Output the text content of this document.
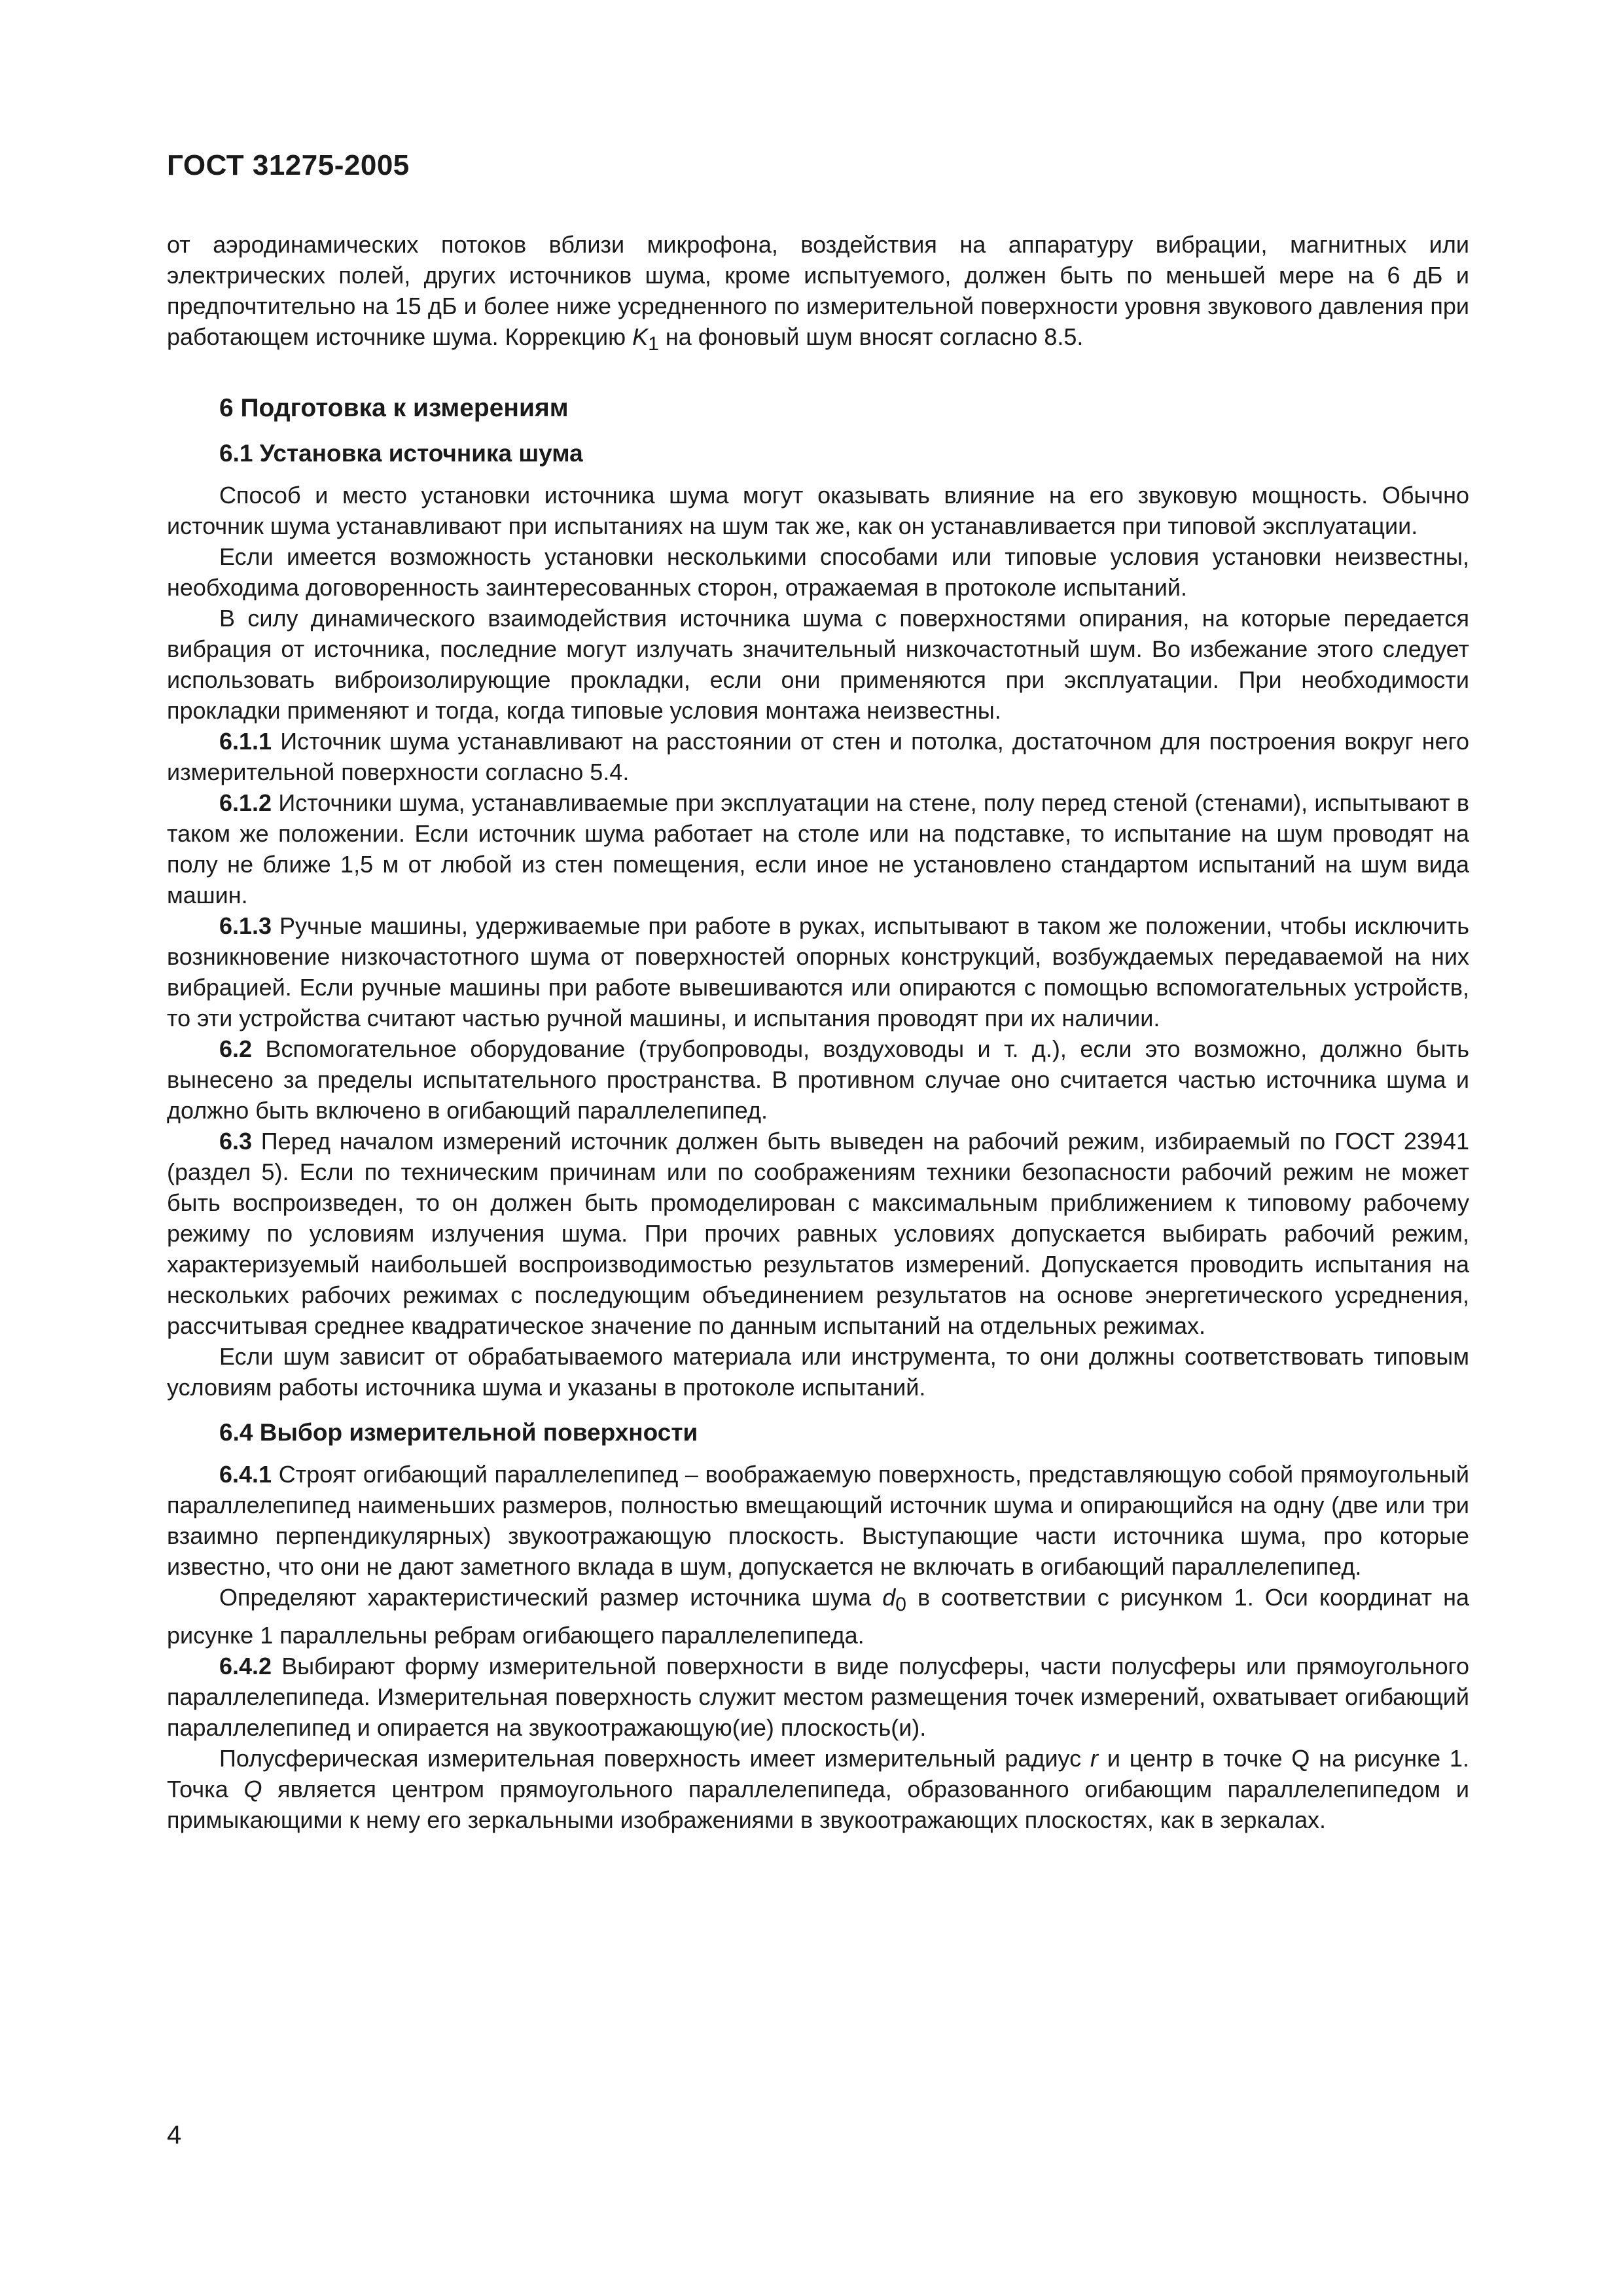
ГОСТ 31275-2005

от аэродинамических потоков вблизи микрофона, воздействия на аппаратуру вибрации, магнитных или электрических полей, других источников шума, кроме испытуемого, должен быть по меньшей мере на 6 дБ и предпочтительно на 15 дБ и более ниже усредненного по измерительной поверхности уровня звукового давления при работающем источнике шума. Коррекцию $K_1$ на фоновый шум вносят согласно 8.5.

6 Подготовка к измерениям
6.1 Установка источника шума

Способ и место установки источника шума могут оказывать влияние на его звуковую мощность. Обычно источник шума устанавливают при испытаниях на шум так же, как он устанавливается при типовой эксплуатации.

Если имеется возможность установки несколькими способами или типовые условия установки неизвестны, необходима договоренность заинтересованных сторон, отражаемая в протоколе испытаний.

В силу динамического взаимодействия источника шума с поверхностями опирания, на которые передается вибрация от источника, последние могут излучать значительный низкочастотный шум. Во избежание этого следует использовать виброизолирующие прокладки, если они применяются при эксплуатации. При необходимости прокладки применяют и тогда, когда типовые условия монтажа неизвестны.

6.1.1 Источник шума устанавливают на расстоянии от стен и потолка, достаточном для построения вокруг него измерительной поверхности согласно 5.4.

6.1.2 Источники шума, устанавливаемые при эксплуатации на стене, полу перед стеной (стенами), испытывают в таком же положении. Если источник шума работает на столе или на подставке, то испытание на шум проводят на полу не ближе 1,5 м от любой из стен помещения, если иное не установлено стандартом испытаний на шум вида машин.

6.1.3 Ручные машины, удерживаемые при работе в руках, испытывают в таком же положении, чтобы исключить возникновение низкочастотного шума от поверхностей опорных конструкций, возбуждаемых передаваемой на них вибрацией. Если ручные машины при работе вывешиваются или опираются с помощью вспомогательных устройств, то эти устройства считают частью ручной машины, и испытания проводят при их наличии.

6.2 Вспомогательное оборудование (трубопроводы, воздуховоды и т. д.), если это возможно, должно быть вынесено за пределы испытательного пространства. В противном случае оно считается частью источника шума и должно быть включено в огибающий параллелепипед.

6.3 Перед началом измерений источник должен быть выведен на рабочий режим, избираемый по ГОСТ 23941 (раздел 5). Если по техническим причинам или по соображениям техники безопасности рабочий режим не может быть воспроизведен, то он должен быть промоделирован с максимальным приближением к типовому рабочему режиму по условиям излучения шума. При прочих равных условиях допускается выбирать рабочий режим, характеризуемый наибольшей воспроизводимостью результатов измерений. Допускается проводить испытания на нескольких рабочих режимах с последующим объединением результатов на основе энергетического усреднения, рассчитывая среднее квадратическое значение по данным испытаний на отдельных режимах.

Если шум зависит от обрабатываемого материала или инструмента, то они должны соответствовать типовым условиям работы источника шума и указаны в протоколе испытаний.

6.4 Выбор измерительной поверхности

6.4.1 Строят огибающий параллелепипед – воображаемую поверхность, представляющую собой прямоугольный параллелепипед наименьших размеров, полностью вмещающий источник шума и опирающийся на одну (две или три взаимно перпендикулярных) звукоотражающую плоскость. Выступающие части источника шума, про которые известно, что они не дают заметного вклада в шум, допускается не включать в огибающий параллелепипед.

Определяют характеристический размер источника шума $d_0$ в соответствии с рисунком 1. Оси координат на рисунке 1 параллельны ребрам огибающего параллелепипеда.

6.4.2 Выбирают форму измерительной поверхности в виде полусферы, части полусферы или прямоугольного параллелепипеда. Измерительная поверхность служит местом размещения точек измерений, охватывает огибающий параллелепипед и опирается на звукоотражающую(ие) плоскость(и).

Полусферическая измерительная поверхность имеет измерительный радиус r и центр в точке Q на рисунке 1. Точка Q является центром прямоугольного параллелепипеда, образованного огибающим параллелепипедом и примыкающими к нему его зеркальными изображениями в звукоотражающих плоскостях, как в зеркалах.

4
